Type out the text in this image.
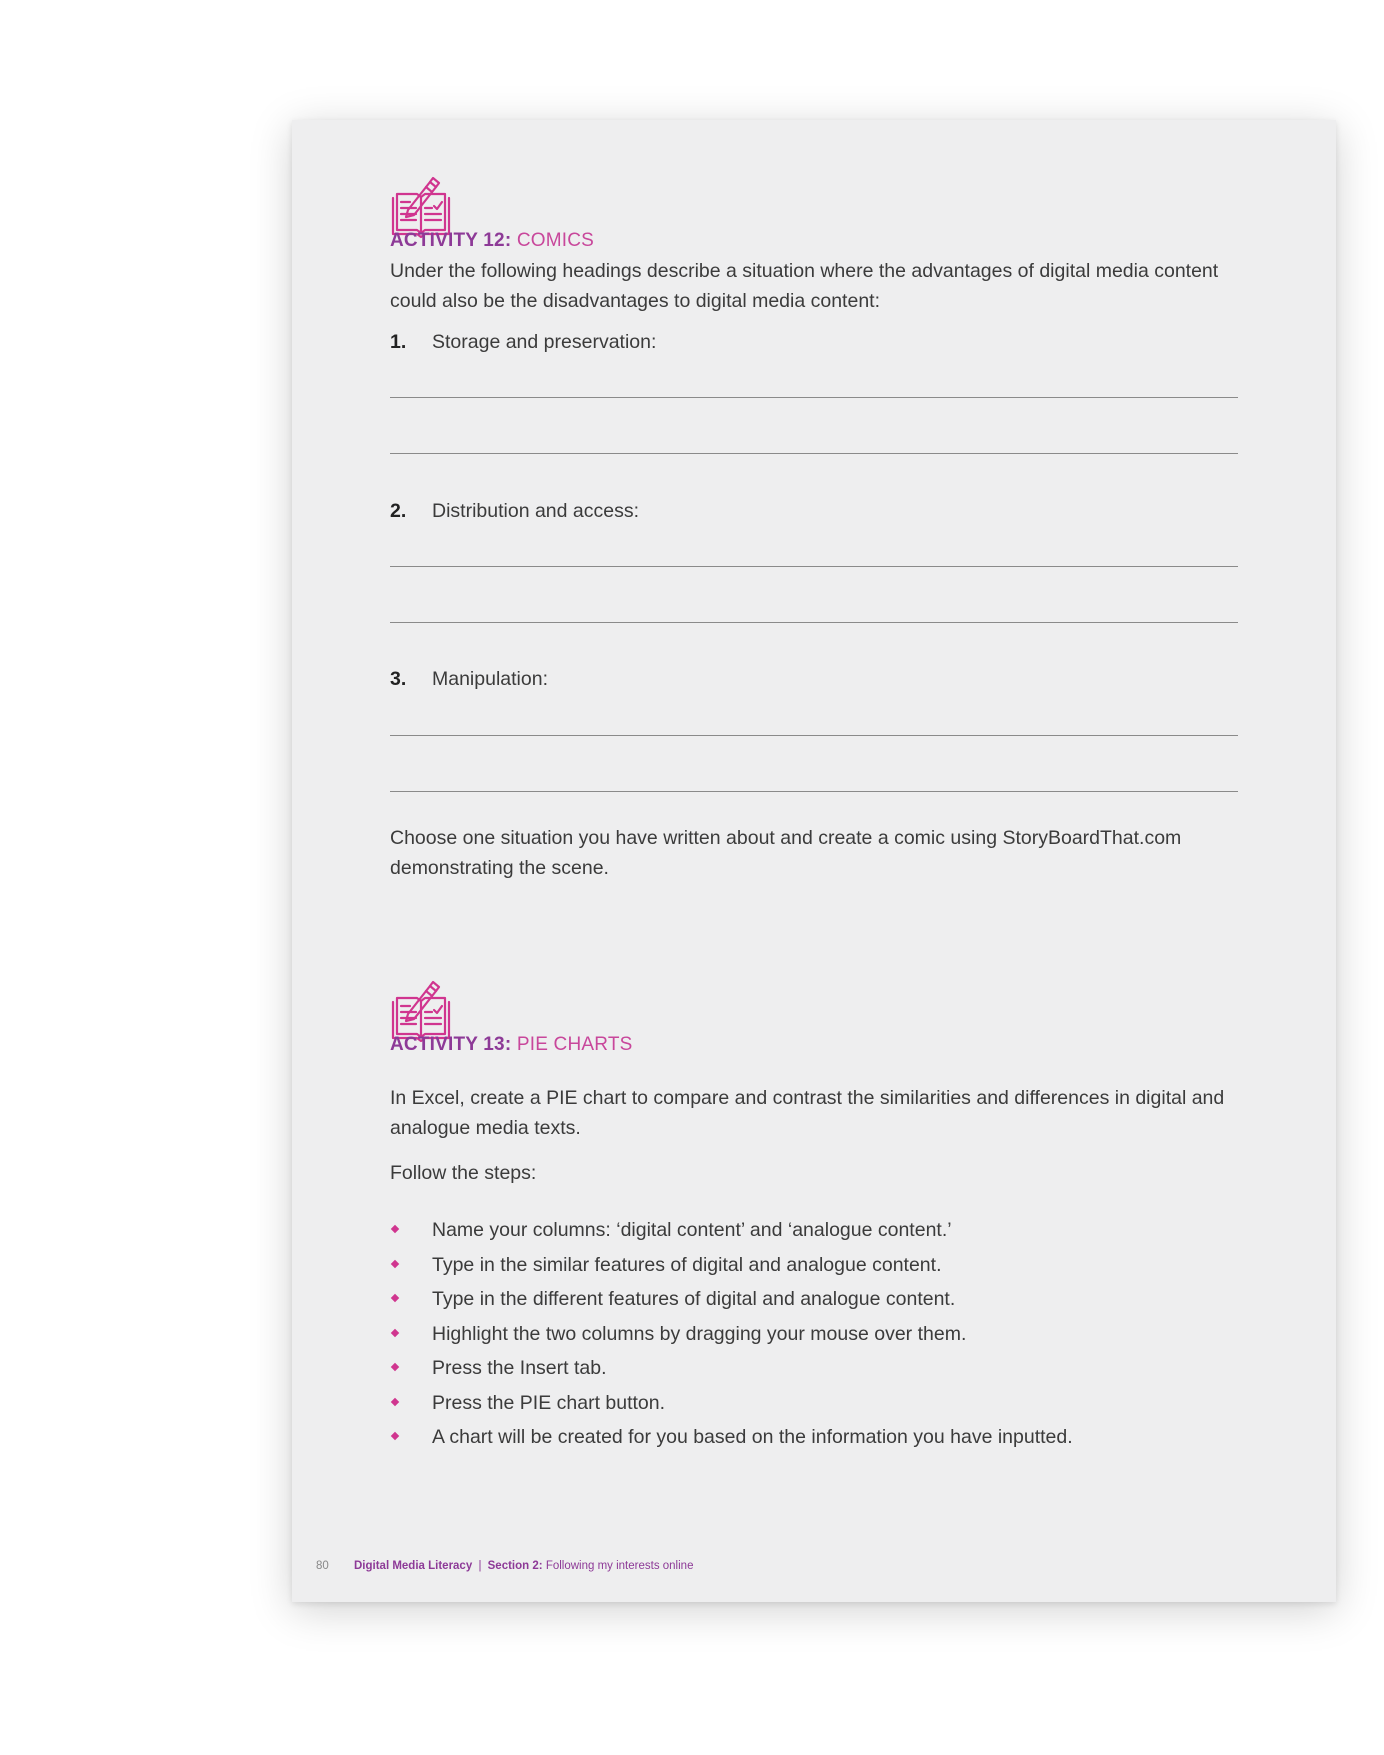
ACTIVITY 12: COMICS
Under the following headings describe a situation where the advantages of digital media content could also be the disadvantages to digital media content:
1. Storage and preservation:
2. Distribution and access:
3. Manipulation:
Choose one situation you have written about and create a comic using StoryBoardThat.com demonstrating the scene.
ACTIVITY 13: PIE CHARTS
In Excel, create a PIE chart to compare and contrast the similarities and differences in digital and analogue media texts.
Follow the steps:
Name your columns: ‘digital content’ and ‘analogue content.’
Type in the similar features of digital and analogue content.
Type in the different features of digital and analogue content.
Highlight the two columns by dragging your mouse over them.
Press the Insert tab.
Press the PIE chart button.
A chart will be created for you based on the information you have inputted.
80 Digital Media Literacy | Section 2: Following my interests online
